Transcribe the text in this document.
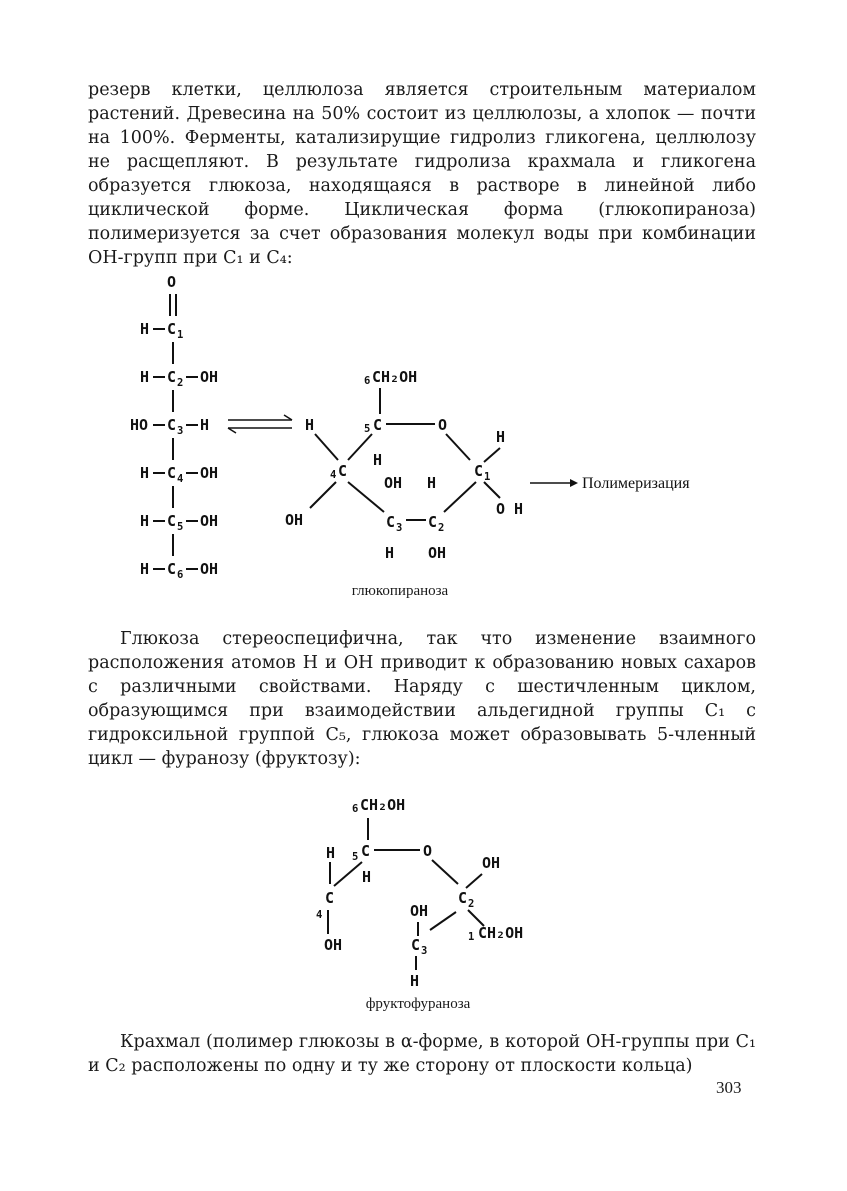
резерв клетки, целлюлоза является строительным материалом растений. Древесина на 50% состоит из целлюлозы, а хлопок — почти на 100%. Ферменты, катализирущие гидролиз гликогена, целлюлозу не расщепляют. В результате гидролиза крахмала и гликогена образуется глюкоза, находящаяся в растворе в линейной либо циклической форме. Циклическая форма (глюкопираноза) полимеризуется за счет образования молекул воды при комбинации OH-групп при C₁ и C₄:

O
H C 1
H C 2 OH
HO C 3 H
H C 4 OH
H C 5 OH
H C 6 OH
6 CH₂OH
5 C	O
H
4 C
H
OH H
H
C 1
OH
O H
C 3 C 2
H OH
Полимеризация
глюкопираноза

Глюкоза стереоспецифична, так что изменение взаимного расположения атомов H и OH приводит к образованию новых сахаров с различными свойствами. Наряду с шестичленным циклом, образующимся при взаимодействии альдегидной группы C₁ с гидроксильной группой C₅, глюкоза может образовывать 5-членный цикл — фуранозу (фруктозу):

6 CH₂OH
H 5 C	O
H
OH
C
4	OH
C 2
1 CH₂OH
OH	C 3
H
фруктофураноза

Крахмал (полимер глюкозы в α-форме, в которой OH-группы при C₁ и C₂ расположены по одну и ту же сторону от плоскости кольца)

303
